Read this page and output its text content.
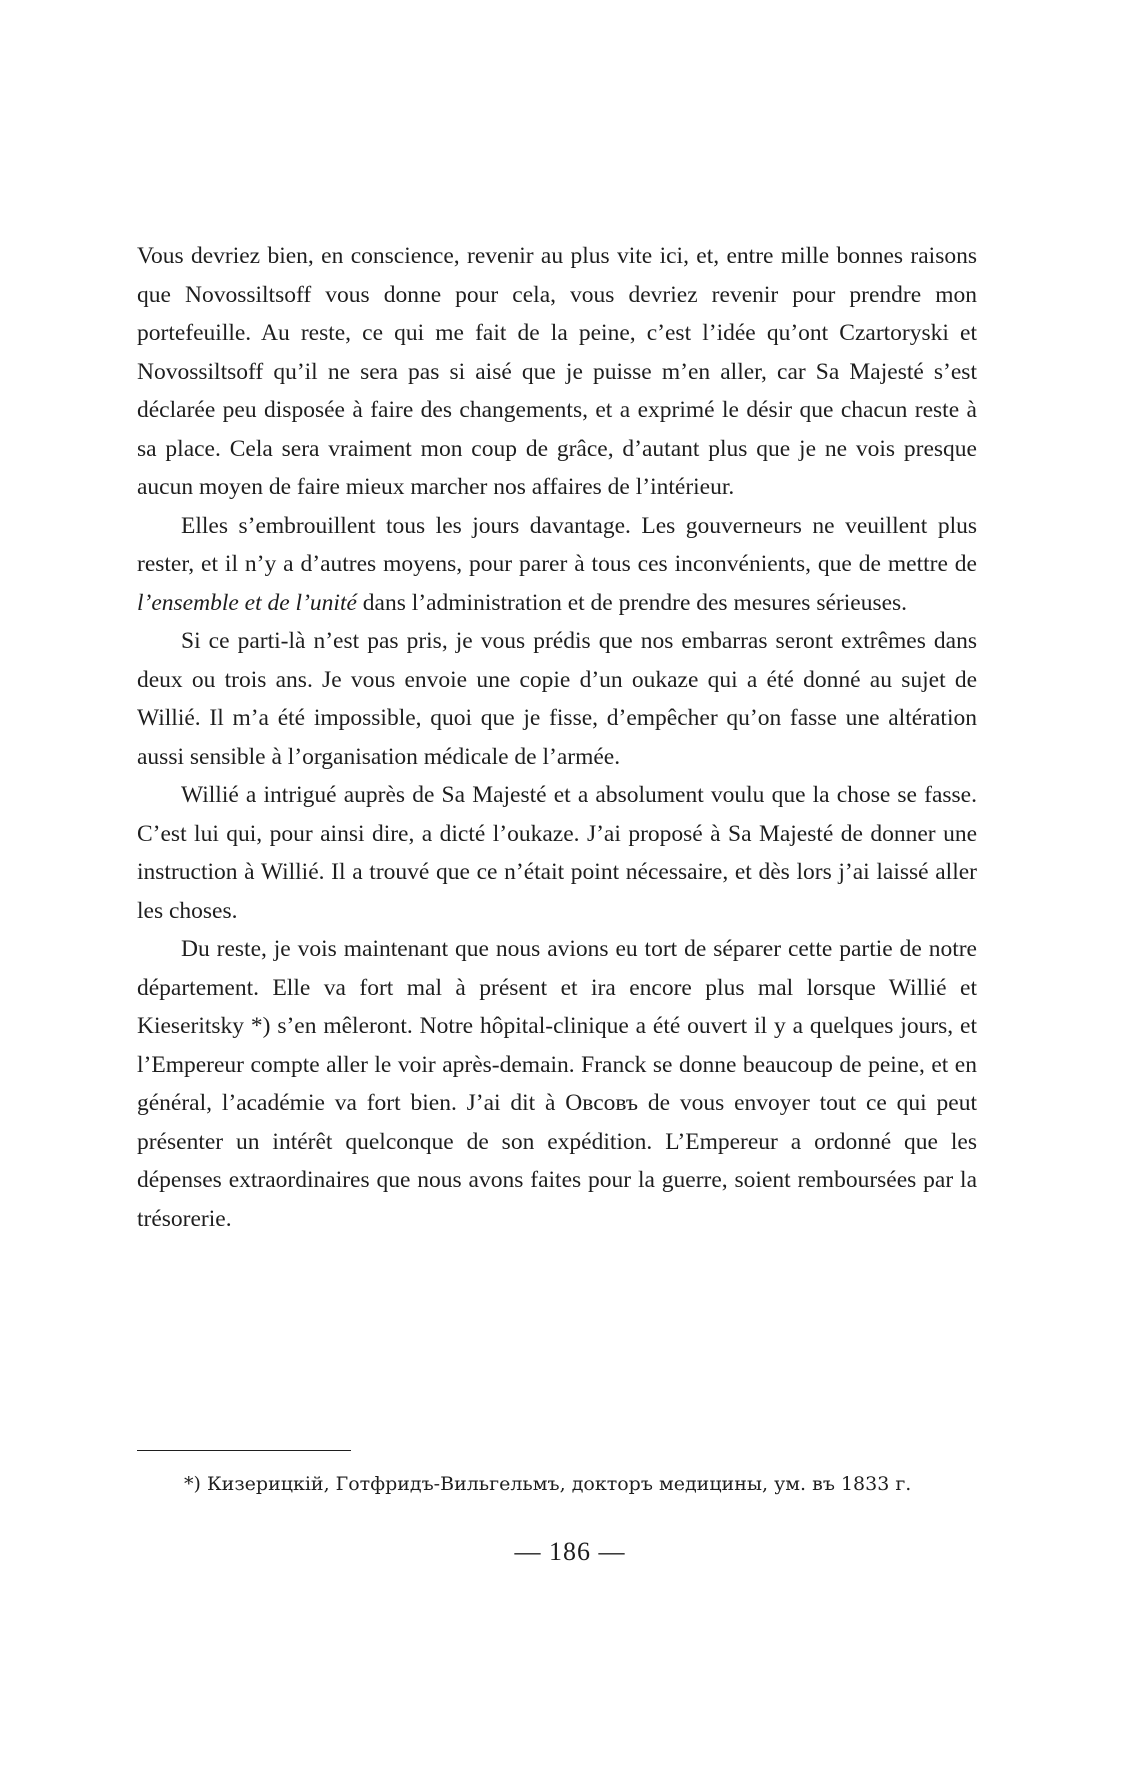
Vous devriez bien, en conscience, revenir au plus vite ici, et, entre mille bonnes raisons que Novossiltsoff vous donne pour cela, vous devriez revenir pour prendre mon portefeuille. Au reste, ce qui me fait de la peine, c’est l’idée qu’ont Czartoryski et Novossiltsoff qu’il ne sera pas si aisé que je puisse m’en aller, car Sa Majesté s’est déclarée peu disposée à faire des changements, et a exprimé le désir que chacun reste à sa place. Cela sera vraiment mon coup de grâce, d’autant plus que je ne vois presque aucun moyen de faire mieux marcher nos affaires de l’intérieur.

Elles s’embrouillent tous les jours davantage. Les gouverneurs ne veuillent plus rester, et il n’y a d’autres moyens, pour parer à tous ces inconvénients, que de mettre de l’ensemble et de l’unité dans l’administration et de prendre des mesures sérieuses.

Si ce parti-là n’est pas pris, je vous prédis que nos embarras seront extrêmes dans deux ou trois ans. Je vous envoie une copie d’un oukaze qui a été donné au sujet de Willié. Il m’a été impossible, quoi que je fisse, d’empêcher qu’on fasse une altération aussi sensible à l’organisation médicale de l’armée.

Willié a intrigué auprès de Sa Majesté et a absolument voulu que la chose se fasse. C’est lui qui, pour ainsi dire, a dicté l’oukaze. J’ai proposé à Sa Majesté de donner une instruction à Willié. Il a trouvé que ce n’était point nécessaire, et dès lors j’ai laissé aller les choses.

Du reste, je vois maintenant que nous avions eu tort de séparer cette partie de notre département. Elle va fort mal à présent et ira encore plus mal lorsque Willié et Kieseritsky *) s’en mêleront. Notre hôpital-clinique a été ouvert il y a quelques jours, et l’Empereur compte aller le voir après-demain. Franck se donne beaucoup de peine, et en général, l’académie va fort bien. J’ai dit à Овсовъ de vous envoyer tout ce qui peut présenter un intérêt quelconque de son expédition. L’Empereur a ordonné que les dépenses extraordinaires que nous avons faites pour la guerre, soient remboursées par la trésorerie.

*) Кизерицкій, Готфридъ-Вильгельмъ, докторъ медицины, ум. въ 1833 г.
— 186 —
